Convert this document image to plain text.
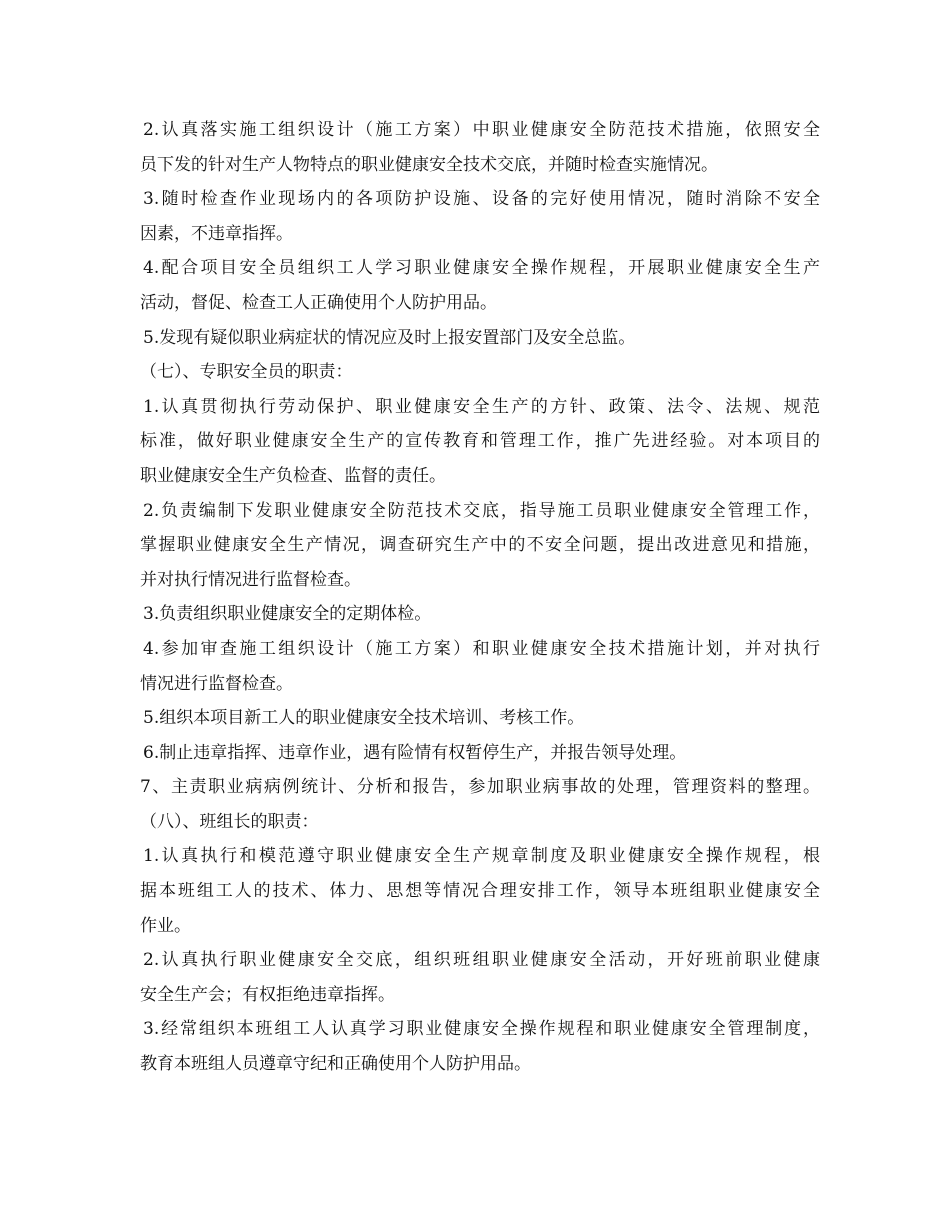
2.认真落实施工组织设计（施工方案）中职业健康安全防范技术措施，依照安全
员下发的针对生产人物特点的职业健康安全技术交底，并随时检查实施情况。
3.随时检查作业现场内的各项防护设施、设备的完好使用情况，随时消除不安全
因素，不违章指挥。
4.配合项目安全员组织工人学习职业健康安全操作规程，开展职业健康安全生产
活动，督促、检查工人正确使用个人防护用品。
5.发现有疑似职业病症状的情况应及时上报安置部门及安全总监。
（七）、专职安全员的职责：
1.认真贯彻执行劳动保护、职业健康安全生产的方针、政策、法令、法规、规范
标准，做好职业健康安全生产的宣传教育和管理工作，推广先进经验。对本项目的
职业健康安全生产负检查、监督的责任。
2.负责编制下发职业健康安全防范技术交底，指导施工员职业健康安全管理工作，
掌握职业健康安全生产情况，调查研究生产中的不安全问题，提出改进意见和措施，
并对执行情况进行监督检查。
3.负责组织职业健康安全的定期体检。
4.参加审查施工组织设计（施工方案）和职业健康安全技术措施计划，并对执行
情况进行监督检查。
5.组织本项目新工人的职业健康安全技术培训、考核工作。
6.制止违章指挥、违章作业，遇有险情有权暂停生产，并报告领导处理。
7、主责职业病病例统计、分析和报告，参加职业病事故的处理，管理资料的整理。
（八）、班组长的职责：
1.认真执行和模范遵守职业健康安全生产规章制度及职业健康安全操作规程，根
据本班组工人的技术、体力、思想等情况合理安排工作，领导本班组职业健康安全
作业。
2.认真执行职业健康安全交底，组织班组职业健康安全活动，开好班前职业健康
安全生产会；有权拒绝违章指挥。
3.经常组织本班组工人认真学习职业健康安全操作规程和职业健康安全管理制度，
教育本班组人员遵章守纪和正确使用个人防护用品。
